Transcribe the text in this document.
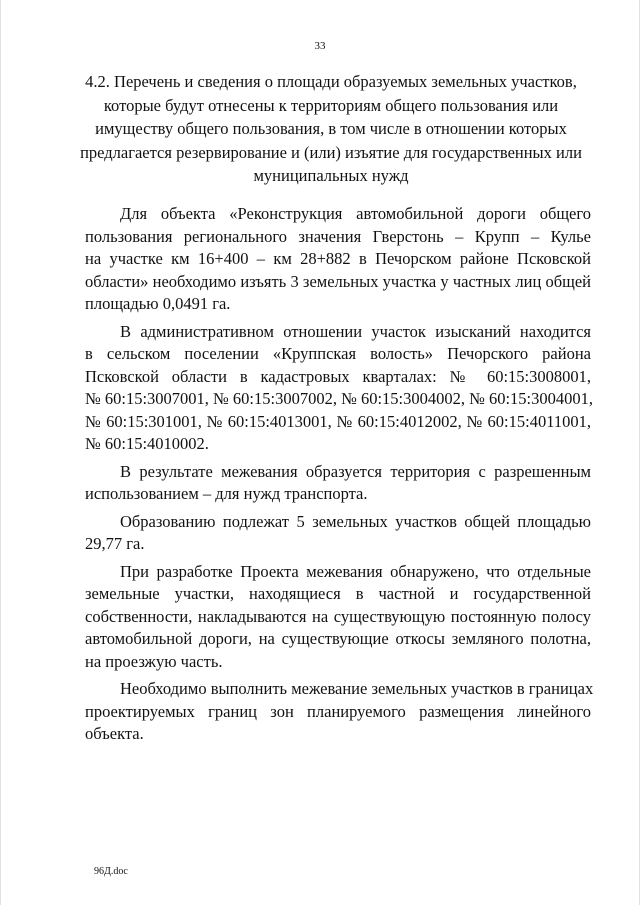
33
4.2. Перечень и сведения о площади образуемых земельных участков,
которые будут отнесены к территориям общего пользования или
имуществу общего пользования, в том числе в отношении которых
предлагается резервирование и (или) изъятие для государственных или
муниципальных нужд
Для объекта «Реконструкция автомобильной дороги общего
пользования регионального значения Гверстонь – Крупп – Кулье
на участке км 16+400 – км 28+882 в Печорском районе Псковской
области» необходимо изъять 3 земельных участка у частных лиц общей
площадью 0,0491 га.
В административном отношении участок изысканий находится
в сельском поселении «Круппская волость» Печорского района
Псковской области в кадастровых кварталах: № 60:15:3008001,
№ 60:15:3007001, № 60:15:3007002, № 60:15:3004002, № 60:15:3004001,
№ 60:15:301001, № 60:15:4013001, № 60:15:4012002, № 60:15:4011001,
№ 60:15:4010002.
В результате межевания образуется территория с разрешенным
использованием – для нужд транспорта.
Образованию подлежат 5 земельных участков общей площадью
29,77 га.
При разработке Проекта межевания обнаружено, что отдельные
земельные участки, находящиеся в частной и государственной
собственности, накладываются на существующую постоянную полосу
автомобильной дороги, на существующие откосы земляного полотна,
на проезжую часть.
Необходимо выполнить межевание земельных участков в границах
проектируемых границ зон планируемого размещения линейного
объекта.
96Д.doc
